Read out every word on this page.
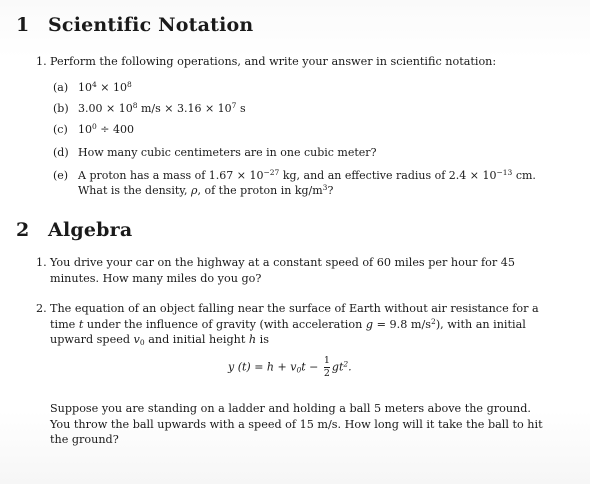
1 Scientific Notation
1. Perform the following operations, and write your answer in scientific notation:
(a) $10^4 \times 10^8$
(b) $3.00 \times 10^8$ $m/s \times 3.16 \times 10^7$ s
(c) $10^0 \div 400$
(d) How many cubic centimeters are in one cubic meter?
(e) A proton has a mass of $1.67 \times 10^{-27}$ kg, and an effective radius of $2.4 \times 10^{-13}$ cm. What is the density, ρ, of the proton in $kg/m^3$?
2 Algebra
1. You drive your car on the highway at a constant speed of 60 miles per hour for 45 minutes. How many miles do you go?
2. The equation of an object falling near the surface of Earth without air resistance for a time t under the influence of gravity (with acceleration g = 9.8 $m/s^2$), with an initial upward speed $v_0$ and initial height h is
y $(t) = h + v_0t - \frac{1}{2} gt^2$.
Suppose you are standing on a ladder and holding a ball 5 meters above the ground. You throw the ball upwards with a speed of 15 m/s. How long will it take the ball to hit the ground?
